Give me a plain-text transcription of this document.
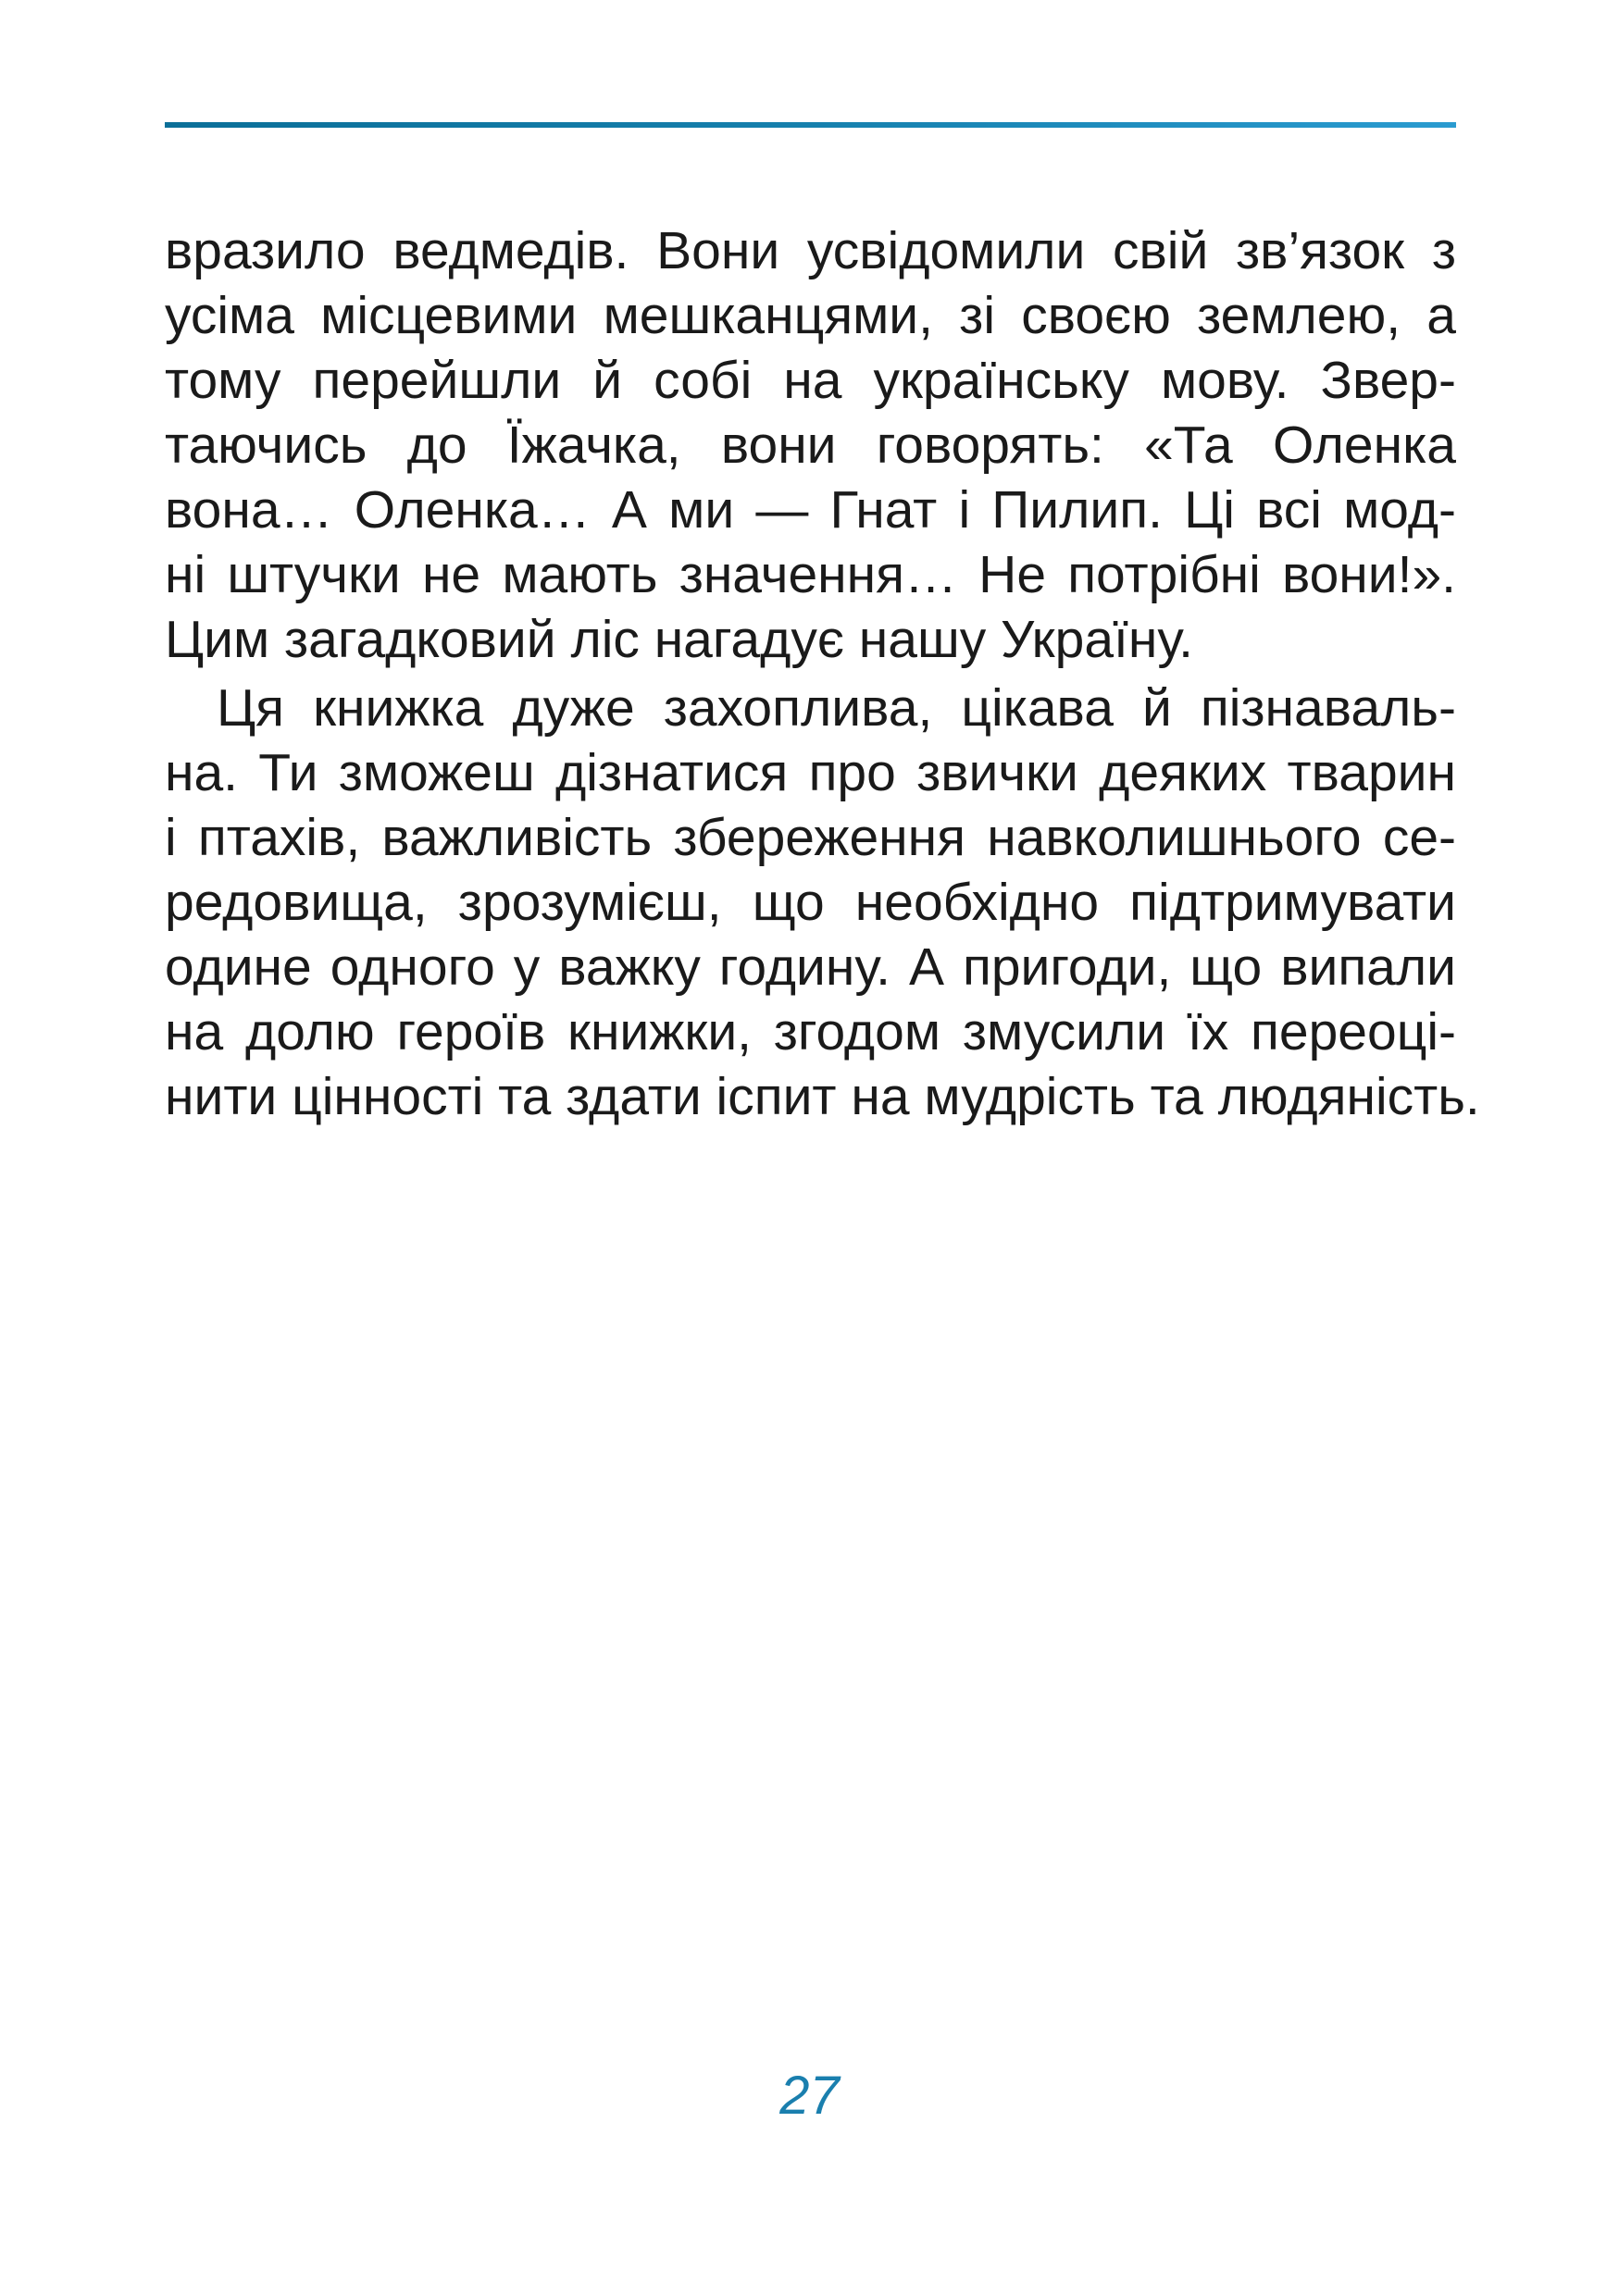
вразило ведмедів. Вони усвідомили свій зв’язок з
усіма місцевими мешканцями, зі своєю землею, а
тому перейшли й собі на українську мову. Звер-
таючись до Їжачка, вони говорять: «Та Оленка
вона… Оленка… А ми — Гнат і Пилип. Ці всі мод-
ні штучки не мають значення… Не потрібні вони!».
Цим загадковий ліс нагадує нашу Україну.
Ця книжка дуже захоплива, цікава й пізнаваль-
на. Ти зможеш дізнатися про звички деяких тварин
і птахів, важливість збереження навколишнього се-
редовища, зрозумієш, що необхідно підтримувати
одине одного у важку годину. А пригоди, що випали
на долю героїв книжки, згодом змусили їх переоці-
нити цінності та здати іспит на мудрість та людяність.
27
